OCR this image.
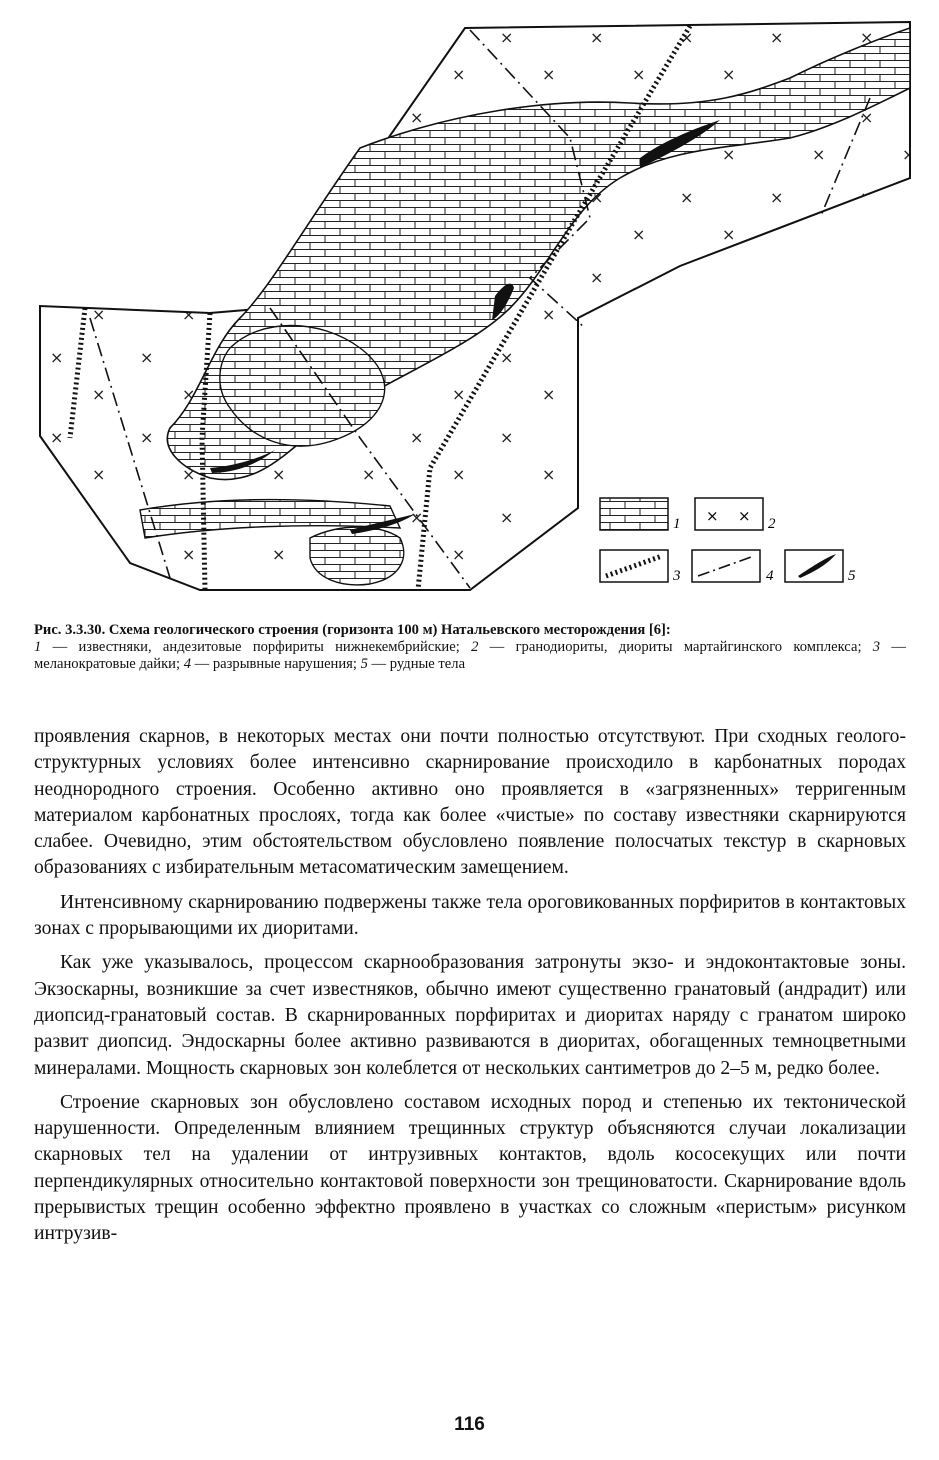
1 × × 2
3	4	5
Рис. 3.3.30. Схема геологического строения (горизонта 100 м) Натальевского месторождения [6]:
1 — известняки, андезитовые порфириты нижнекембрийские; 2 — гранодиориты, диориты мартайгинского комплекса; 3 — меланократовые дайки; 4 — разрывные нарушения; 5 — рудные тела

проявления скарнов, в некоторых местах они почти полностью отсутствуют. При сходных геолого-структурных условиях более интенсивно скарнирование происходило в карбонатных породах неоднородного строения. Особенно активно оно проявляется в «загрязненных» терригенным материалом карбонатных прослоях, тогда как более «чистые» по составу известняки скарнируются слабее. Очевидно, этим обстоятельством обусловлено появление полосчатых текстур в скарновых образованиях с избирательным метасоматическим замещением.

Интенсивному скарнированию подвержены также тела ороговикованных порфиритов в контактовых зонах с прорывающими их диоритами.

Как уже указывалось, процессом скарнообразования затронуты экзо- и эндоконтактовые зоны. Экзоскарны, возникшие за счет известняков, обычно имеют существенно гранатовый (андрадит) или диопсид-гранатовый состав. В скарнированных порфиритах и диоритах наряду с гранатом широко развит диопсид. Эндоскарны более активно развиваются в диоритах, обогащенных темноцветными минералами. Мощность скарновых зон колеблется от нескольких сантиметров до 2–5 м, редко более.

Строение скарновых зон обусловлено составом исходных пород и степенью их тектонической нарушенности. Определенным влиянием трещинных структур объясняются случаи локализации скарновых тел на удалении от интрузивных контактов, вдоль кососекущих или почти перпендикулярных относительно контактовой поверхности зон трещиноватости. Скарнирование вдоль прерывистых трещин особенно эффектно проявлено в участках со сложным «перистым» рисунком интрузив-

116
